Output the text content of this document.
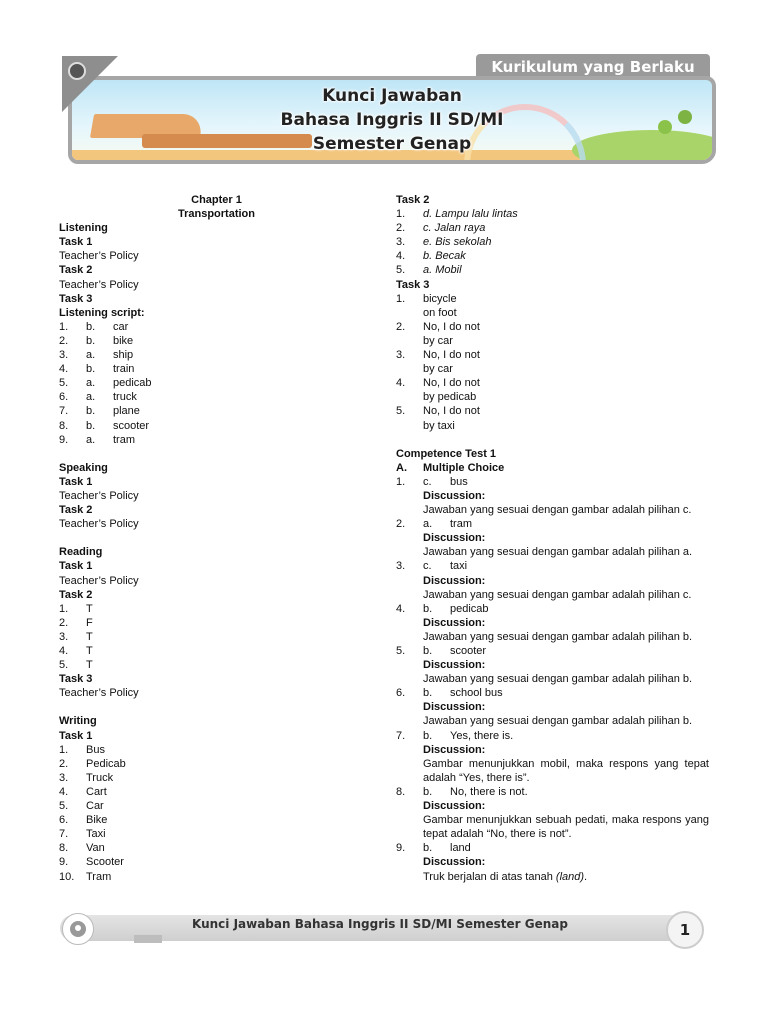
Kurikulum yang Berlaku
Kunci Jawaban
Bahasa Inggris II SD/MI
Semester Genap
Chapter 1
Transportation
Listening
Task 1
Teacher’s Policy
Task 2
Teacher’s Policy
Task 3
Listening script:
1. b. car
2. b. bike
3. a. ship
4. b. train
5. a. pedicab
6. a. truck
7. b. plane
8. b. scooter
9. a. tram
Speaking
Task 1
Teacher’s Policy
Task 2
Teacher’s Policy
Reading
Task 1
Teacher’s Policy
Task 2
1. T
2. F
3. T
4. T
5. T
Task 3
Teacher’s Policy
Writing
Task 1
1. Bus
2. Pedicab
3. Truck
4. Cart
5. Car
6. Bike
7. Taxi
8. Van
9. Scooter
10. Tram
Task 2
1. d. Lampu lalu lintas
2. c. Jalan raya
3. e. Bis sekolah
4. b. Becak
5. a. Mobil
Task 3
1. bicycle
on foot
2. No, I do not
by car
3. No, I do not
by car
4. No, I do not
by pedicab
5. No, I do not
by taxi
Competence Test 1
A. Multiple Choice
1. c. bus
Discussion:
Jawaban yang sesuai dengan gambar adalah pilihan c.
2. a. tram
Discussion:
Jawaban yang sesuai dengan gambar adalah pilihan a.
3. c. taxi
Discussion:
Jawaban yang sesuai dengan gambar adalah pilihan c.
4. b. pedicab
Discussion:
Jawaban yang sesuai dengan gambar adalah pilihan b.
5. b. scooter
Discussion:
Jawaban yang sesuai dengan gambar adalah pilihan b.
6. b. school bus
Discussion:
Jawaban yang sesuai dengan gambar adalah pilihan b.
7. b. Yes, there is.
Discussion:
Gambar menunjukkan mobil, maka respons yang tepat adalah “Yes, there is”.
8. b. No, there is not.
Discussion:
Gambar menunjukkan sebuah pedati, maka respons yang tepat adalah “No, there is not”.
9. b. land
Discussion:
Truk berjalan di atas tanah (land).
Kunci Jawaban Bahasa Inggris II SD/MI Semester Genap	1
